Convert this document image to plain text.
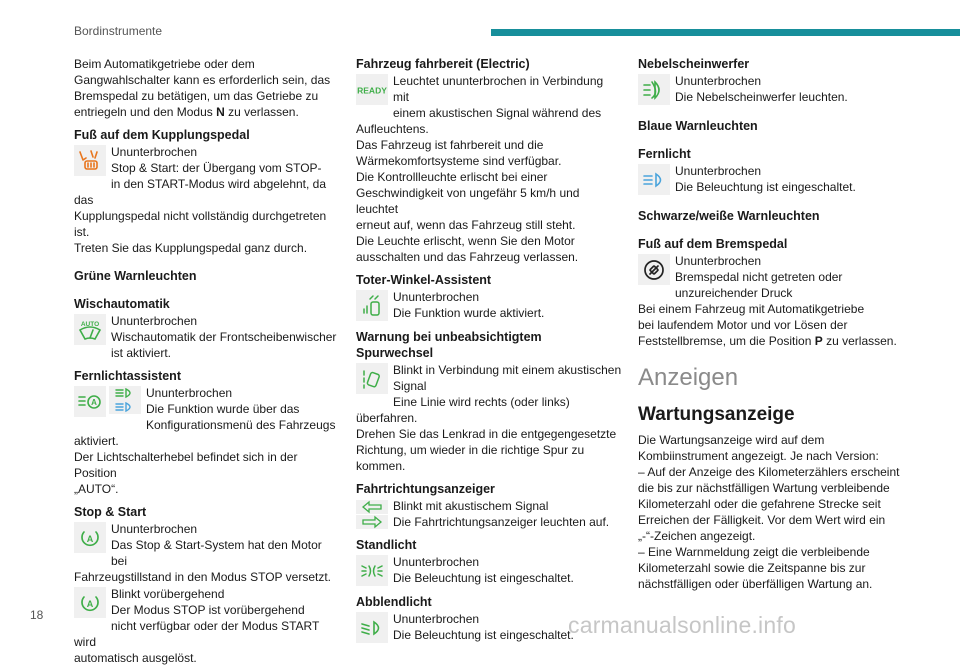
Bordinstrumente

Beim Automatikgetriebe oder dem
Gangwahlschalter kann es erforderlich sein, das
Bremspedal zu betätigen, um das Getriebe zu
entriegeln und den Modus N zu verlassen.

Fuß auf dem Kupplungspedal

Ununterbrochen
Stop & Start: der Übergang vom STOP-
in den START-Modus wird abgelehnt, da das
Kupplungspedal nicht vollständig durchgetreten ist.
Treten Sie das Kupplungspedal ganz durch.

Grüne Warnleuchten

Wischautomatik

AUTO Ununterbrochen
Wischautomatik der Frontscheibenwischer
ist aktiviert.

Fernlichtassistent

A
Ununterbrochen
Die Funktion wurde über das
Konfigurationsmenü des Fahrzeugs aktiviert.
Der Lichtschalterhebel befindet sich in der Position
„AUTO“.

Stop & Start

A
Ununterbrochen
Das Stop & Start-System hat den Motor bei
Fahrzeugstillstand in den Modus STOP versetzt.
A
Blinkt vorübergehend
Der Modus STOP ist vorübergehend
nicht verfügbar oder der Modus START wird
automatisch ausgelöst.

Fahrzeug fahrbereit (Electric)

READY
Leuchtet ununterbrochen in Verbindung mit
einem akustischen Signal während des
Aufleuchtens.
Das Fahrzeug ist fahrbereit und die
Wärmekomfortsysteme sind verfügbar.
Die Kontrollleuchte erlischt bei einer
Geschwindigkeit von ungefähr 5 km/h und leuchtet
erneut auf, wenn das Fahrzeug still steht.
Die Leuchte erlischt, wenn Sie den Motor
ausschalten und das Fahrzeug verlassen.

Toter-Winkel-Assistent

Ununterbrochen
Die Funktion wurde aktiviert.

Warnung bei unbeabsichtigtem
Spurwechsel

Blinkt in Verbindung mit einem akustischen
Signal
Eine Linie wird rechts (oder links) überfahren.
Drehen Sie das Lenkrad in die entgegengesetzte
Richtung, um wieder in die richtige Spur zu
kommen.

Fahrtrichtungsanzeiger

Blinkt mit akustischem Signal
Die Fahrtrichtungsanzeiger leuchten auf.

Standlicht

Ununterbrochen
Die Beleuchtung ist eingeschaltet.

Abblendlicht

Ununterbrochen
Die Beleuchtung ist eingeschaltet.

Nebelscheinwerfer

Ununterbrochen
Die Nebelscheinwerfer leuchten.

Blaue Warnleuchten

Fernlicht

Ununterbrochen
Die Beleuchtung ist eingeschaltet.

Schwarze/weiße Warnleuchten

Fuß auf dem Bremspedal

Ununterbrochen
Bremspedal nicht getreten oder
unzureichender Druck
Bei einem Fahrzeug mit Automatikgetriebe
bei laufendem Motor und vor Lösen der
Feststellbremse, um die Position P zu verlassen.

Anzeigen

Wartungsanzeige

Die Wartungsanzeige wird auf dem
Kombiinstrument angezeigt. Je nach Version:
– Auf der Anzeige des Kilometerzählers erscheint
die bis zur nächstfälligen Wartung verbleibende
Kilometerzahl oder die gefahrene Strecke seit
Erreichen der Fälligkeit. Vor dem Wert wird ein
„-“-Zeichen angezeigt.
– Eine Warnmeldung zeigt die verbleibende
Kilometerzahl sowie die Zeitspanne bis zur
nächstfälligen oder überfälligen Wartung an.

18	carmanualsonline.info
